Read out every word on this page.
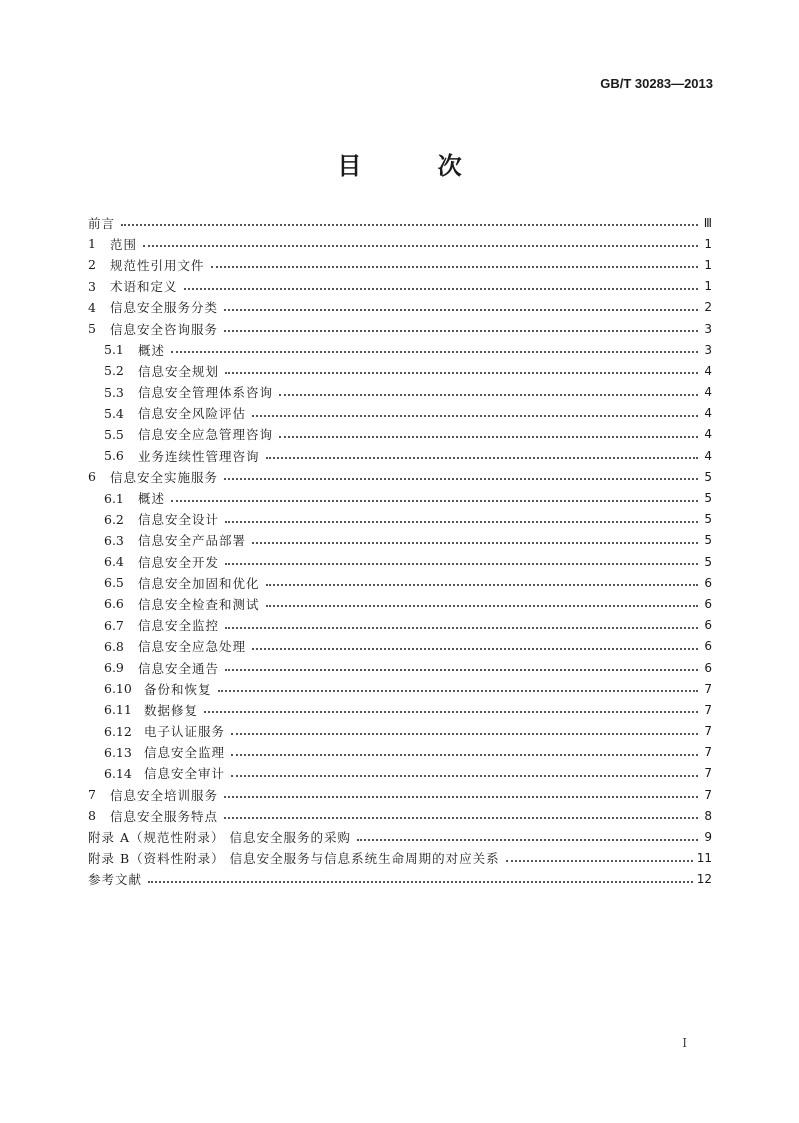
GB/T 30283—2013
目 次
前言	Ⅲ
1	范围	1
2	规范性引用文件	1
3	术语和定义	1
4	信息安全服务分类	2
5	信息安全咨询服务	3
5.1	概述	3
5.2	信息安全规划	4
5.3	信息安全管理体系咨询	4
5.4	信息安全风险评估	4
5.5	信息安全应急管理咨询	4
5.6	业务连续性管理咨询	4
6	信息安全实施服务	5
6.1	概述	5
6.2	信息安全设计	5
6.3	信息安全产品部署	5
6.4	信息安全开发	5
6.5	信息安全加固和优化	6
6.6	信息安全检查和测试	6
6.7	信息安全监控	6
6.8	信息安全应急处理	6
6.9	信息安全通告	6
6.10 备份和恢复	7
6.11 数据修复	7
6.12 电子认证服务	7
6.13 信息安全监理	7
6.14 信息安全审计	7
7	信息安全培训服务	7
8	信息安全服务特点	8
附录 A（规范性附录） 信息安全服务的采购	9
附录 B（资料性附录） 信息安全服务与信息系统生命周期的对应关系	11
参考文献	12
I
